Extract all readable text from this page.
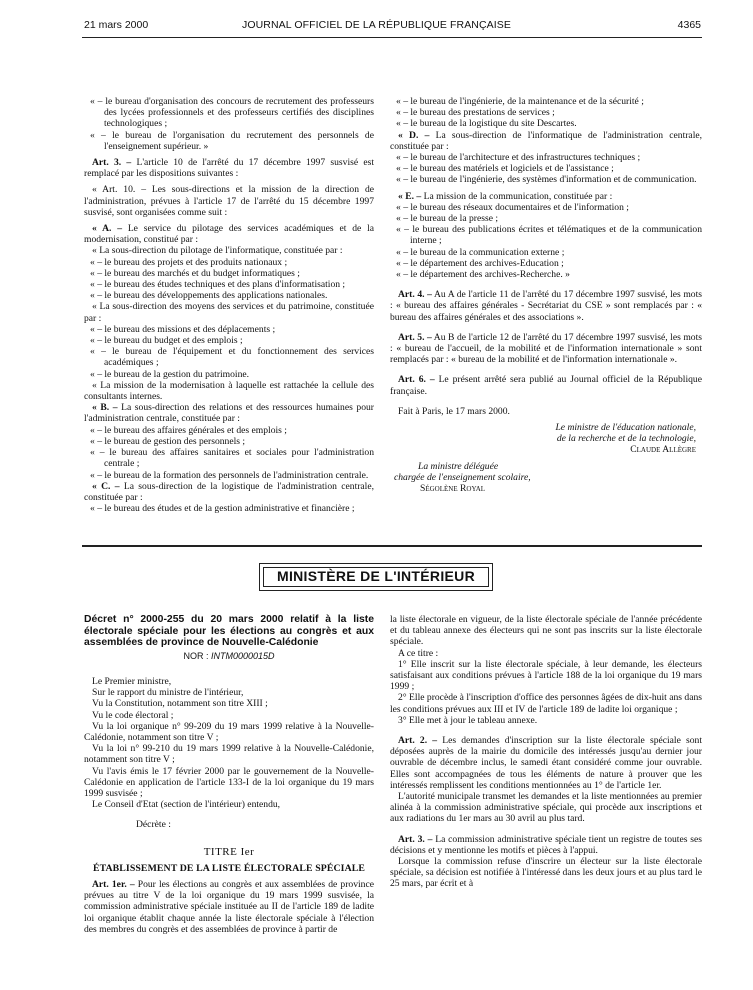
21 mars 2000	JOURNAL OFFICIEL DE LA RÉPUBLIQUE FRANÇAISE	4365

« – le bureau d'organisation des concours de recrutement des professeurs des lycées professionnels et des professeurs certifiés des disciplines technologiques ;

« – le bureau de l'organisation du recrutement des personnels de l'enseignement supérieur. »

Art. 3. – L'article 10 de l'arrêté du 17 décembre 1997 susvisé est remplacé par les dispositions suivantes :

« Art. 10. – Les sous-directions et la mission de la direction de l'administration, prévues à l'article 17 de l'arrêté du 15 décembre 1997 susvisé, sont organisées comme suit :

« A. – Le service du pilotage des services académiques et de la modernisation, constitué par :

« La sous-direction du pilotage de l'informatique, constituée par :

« – le bureau des projets et des produits nationaux ;

« – le bureau des marchés et du budget informatiques ;

« – le bureau des études techniques et des plans d'informatisation ;

« – le bureau des développements des applications nationales.

« La sous-direction des moyens des services et du patrimoine, constituée par :

« – le bureau des missions et des déplacements ;

« – le bureau du budget et des emplois ;

« – le bureau de l'équipement et du fonctionnement des services académiques ;

« – le bureau de la gestion du patrimoine.

« La mission de la modernisation à laquelle est rattachée la cellule des consultants internes.

« B. – La sous-direction des relations et des ressources humaines pour l'administration centrale, constituée par :

« – le bureau des affaires générales et des emplois ;

« – le bureau de gestion des personnels ;

« – le bureau des affaires sanitaires et sociales pour l'administration centrale ;

« – le bureau de la formation des personnels de l'administration centrale.

« C. – La sous-direction de la logistique de l'administration centrale, constituée par :

« – le bureau des études et de la gestion administrative et financière ;

« – le bureau de l'ingénierie, de la maintenance et de la sécurité ;

« – le bureau des prestations de services ;

« – le bureau de la logistique du site Descartes.

« D. – La sous-direction de l'informatique de l'administration centrale, constituée par :

« – le bureau de l'architecture et des infrastructures techniques ;

« – le bureau des matériels et logiciels et de l'assistance ;

« – le bureau de l'ingénierie, des systèmes d'information et de communication.

« E. – La mission de la communication, constituée par :

« – le bureau des réseaux documentaires et de l'information ;

« – le bureau de la presse ;

« – le bureau des publications écrites et télématiques et de la communication interne ;

« – le bureau de la communication externe ;

« – le département des archives-Education ;

« – le département des archives-Recherche. »

Art. 4. – Au A de l'article 11 de l'arrêté du 17 décembre 1997 susvisé, les mots : « bureau des affaires générales - Secrétariat du CSE » sont remplacés par : « bureau des affaires générales et des associations ».

Art. 5. – Au B de l'article 12 de l'arrêté du 17 décembre 1997 susvisé, les mots : « bureau de l'accueil, de la mobilité et de l'information internationale » sont remplacés par : « bureau de la mobilité et de l'information internationale ».

Art. 6. – Le présent arrêté sera publié au Journal officiel de la République française.

Fait à Paris, le 17 mars 2000.

Le ministre de l'éducation nationale,

de la recherche et de la technologie,

Claude Allègre

La ministre déléguée

chargée de l'enseignement scolaire,

Ségolène Royal

MINISTÈRE DE L'INTÉRIEUR

Décret n° 2000-255 du 20 mars 2000 relatif à la liste électorale spéciale pour les élections au congrès et aux assemblées de province de Nouvelle-Calédonie

NOR : INTM0000015D

Le Premier ministre,

Sur le rapport du ministre de l'intérieur,

Vu la Constitution, notamment son titre XIII ;

Vu le code électoral ;

Vu la loi organique n° 99-209 du 19 mars 1999 relative à la Nouvelle-Calédonie, notamment son titre V ;

Vu la loi n° 99-210 du 19 mars 1999 relative à la Nouvelle-Calédonie, notamment son titre V ;

Vu l'avis émis le 17 février 2000 par le gouvernement de la Nouvelle-Calédonie en application de l'article 133-I de la loi organique du 19 mars 1999 susvisée ;

Le Conseil d'Etat (section de l'intérieur) entendu,

Décrète :

TITRE Ier

ÉTABLISSEMENT DE LA LISTE ÉLECTORALE SPÉCIALE

Art. 1er. – Pour les élections au congrès et aux assemblées de province prévues au titre V de la loi organique du 19 mars 1999 susvisée, la commission administrative spéciale instituée au II de l'article 189 de ladite loi organique établit chaque année la liste électorale spéciale à l'élection des membres du congrès et des assemblées de province à partir de

la liste électorale en vigueur, de la liste électorale spéciale de l'année précédente et du tableau annexe des électeurs qui ne sont pas inscrits sur la liste électorale spéciale.

A ce titre :

1° Elle inscrit sur la liste électorale spéciale, à leur demande, les électeurs satisfaisant aux conditions prévues à l'article 188 de la loi organique du 19 mars 1999 ;

2° Elle procède à l'inscription d'office des personnes âgées de dix-huit ans dans les conditions prévues aux III et IV de l'article 189 de ladite loi organique ;

3° Elle met à jour le tableau annexe.

Art. 2. – Les demandes d'inscription sur la liste électorale spéciale sont déposées auprès de la mairie du domicile des intéressés jusqu'au dernier jour ouvrable de décembre inclus, le samedi étant considéré comme jour ouvrable. Elles sont accompagnées de tous les éléments de nature à prouver que les intéressés remplissent les conditions mentionnées au 1° de l'article 1er.

L'autorité municipale transmet les demandes et la liste mentionnées au premier alinéa à la commission administrative spéciale, qui procède aux inscriptions et aux radiations du 1er mars au 30 avril au plus tard.

Art. 3. – La commission administrative spéciale tient un registre de toutes ses décisions et y mentionne les motifs et pièces à l'appui.

Lorsque la commission refuse d'inscrire un électeur sur la liste électorale spéciale, sa décision est notifiée à l'intéressé dans les deux jours et au plus tard le 25 mars, par écrit et à
